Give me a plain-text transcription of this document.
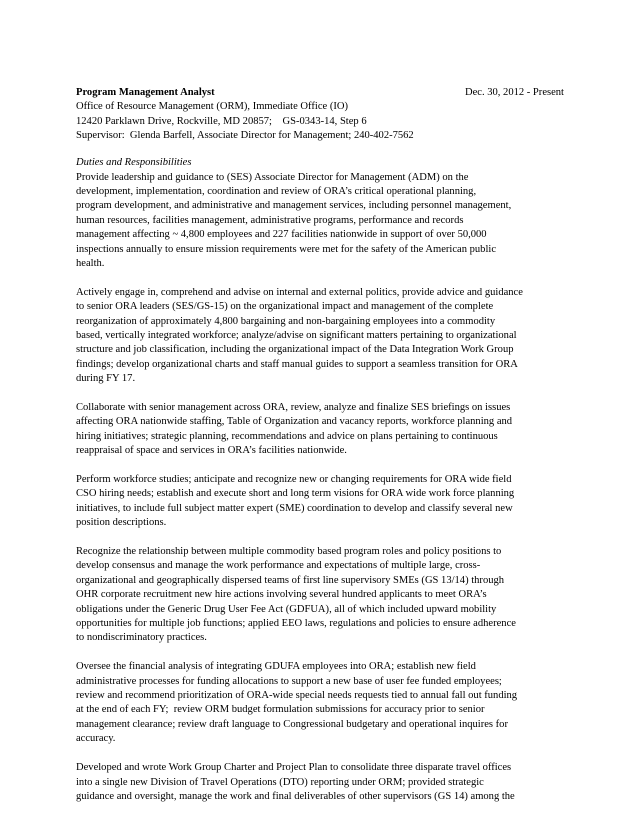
Program Management Analyst	Dec. 30, 2012 - Present
Office of Resource Management (ORM), Immediate Office (IO)
12420 Parklawn Drive, Rockville, MD 20857;    GS-0343-14, Step 6
Supervisor:  Glenda Barfell, Associate Director for Management; 240-402-7562
Duties and Responsibilities
Provide leadership and guidance to (SES) Associate Director for Management (ADM) on the
development, implementation, coordination and review of ORA’s critical operational planning,
program development, and administrative and management services, including personnel management,
human resources, facilities management, administrative programs, performance and records
management affecting ~ 4,800 employees and 227 facilities nationwide in support of over 50,000
inspections annually to ensure mission requirements were met for the safety of the American public
health.
Actively engage in, comprehend and advise on internal and external politics, provide advice and guidance
to senior ORA leaders (SES/GS-15) on the organizational impact and management of the complete
reorganization of approximately 4,800 bargaining and non-bargaining employees into a commodity
based, vertically integrated workforce; analyze/advise on significant matters pertaining to organizational
structure and job classification, including the organizational impact of the Data Integration Work Group
findings; develop organizational charts and staff manual guides to support a seamless transition for ORA
during FY 17.
Collaborate with senior management across ORA, review, analyze and finalize SES briefings on issues
affecting ORA nationwide staffing, Table of Organization and vacancy reports, workforce planning and
hiring initiatives; strategic planning, recommendations and advice on plans pertaining to continuous
reappraisal of space and services in ORA’s facilities nationwide.
Perform workforce studies; anticipate and recognize new or changing requirements for ORA wide field
CSO hiring needs; establish and execute short and long term visions for ORA wide work force planning
initiatives, to include full subject matter expert (SME) coordination to develop and classify several new
position descriptions.
Recognize the relationship between multiple commodity based program roles and policy positions to
develop consensus and manage the work performance and expectations of multiple large, cross-
organizational and geographically dispersed teams of first line supervisory SMEs (GS 13/14) through
OHR corporate recruitment new hire actions involving several hundred applicants to meet ORA’s
obligations under the Generic Drug User Fee Act (GDFUA), all of which included upward mobility
opportunities for multiple job functions; applied EEO laws, regulations and policies to ensure adherence
to nondiscriminatory practices.
Oversee the financial analysis of integrating GDUFA employees into ORA; establish new field
administrative processes for funding allocations to support a new base of user fee funded employees;
review and recommend prioritization of ORA-wide special needs requests tied to annual fall out funding
at the end of each FY;  review ORM budget formulation submissions for accuracy prior to senior
management clearance; review draft language to Congressional budgetary and operational inquires for
accuracy.
Developed and wrote Work Group Charter and Project Plan to consolidate three disparate travel offices
into a single new Division of Travel Operations (DTO) reporting under ORM; provided strategic
guidance and oversight, manage the work and final deliverables of other supervisors (GS 14) among the
